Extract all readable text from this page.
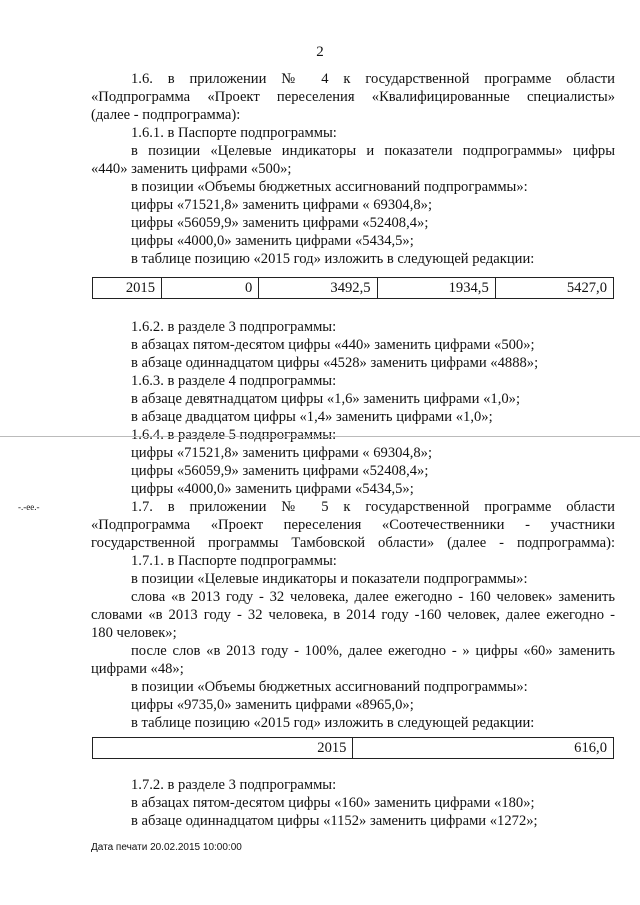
2
1.6. в приложении № 4 к государственной программе области
«Подпрограмма «Проект переселения «Квалифицированные специалисты»
(далее - подпрограмма):
1.6.1. в Паспорте подпрограммы:
в позиции «Целевые индикаторы и показатели подпрограммы» цифры
«440» заменить цифрами «500»;
в позиции «Объемы бюджетных ассигнований подпрограммы»:
цифры «71521,8» заменить цифрами « 69304,8»;
цифры «56059,9» заменить цифрами «52408,4»;
цифры «4000,0» заменить цифрами «5434,5»;
в таблице позицию «2015 год» изложить в следующей редакции:
2015	0	3492,5	1934,5	5427,0
1.6.2. в разделе 3 подпрограммы:
в абзацах пятом-десятом цифры «440» заменить цифрами «500»;
в абзаце одиннадцатом цифры «4528» заменить цифрами «4888»;
1.6.3. в разделе 4 подпрограммы:
в абзаце девятнадцатом цифры «1,6» заменить цифрами «1,0»;
в абзаце двадцатом цифры «1,4» заменить цифрами «1,0»;
1.6.4. в разделе 5 подпрограммы:
цифры «71521,8» заменить цифрами « 69304,8»;
цифры «56059,9» заменить цифрами «52408,4»;
цифры «4000,0» заменить цифрами «5434,5»;
1.7. в приложении № 5 к государственной программе области
«Подпрограмма «Проект переселения «Соотечественники - участники
государственной программы Тамбовской области» (далее - подпрограмма):
1.7.1. в Паспорте подпрограммы:
в позиции «Целевые индикаторы и показатели подпрограммы»:
слова «в 2013 году - 32 человека, далее ежегодно - 160 человек» заменить
словами «в 2013 году - 32 человека, в 2014 году -160 человек, далее ежегодно -
180 человек»;
после слов «в 2013 году - 100%, далее ежегодно - » цифры «60» заменить
цифрами «48»;
в позиции «Объемы бюджетных ассигнований подпрограммы»:
цифры «9735,0» заменить цифрами «8965,0»;
в таблице позицию «2015 год» изложить в следующей редакции:
2015	616,0
1.7.2. в разделе 3 подпрограммы:
в абзацах пятом-десятом цифры «160» заменить цифрами «180»;
в абзаце одиннадцатом цифры «1152» заменить цифрами «1272»;
-.-ee.-
Дата печати 20.02.2015 10:00:00
